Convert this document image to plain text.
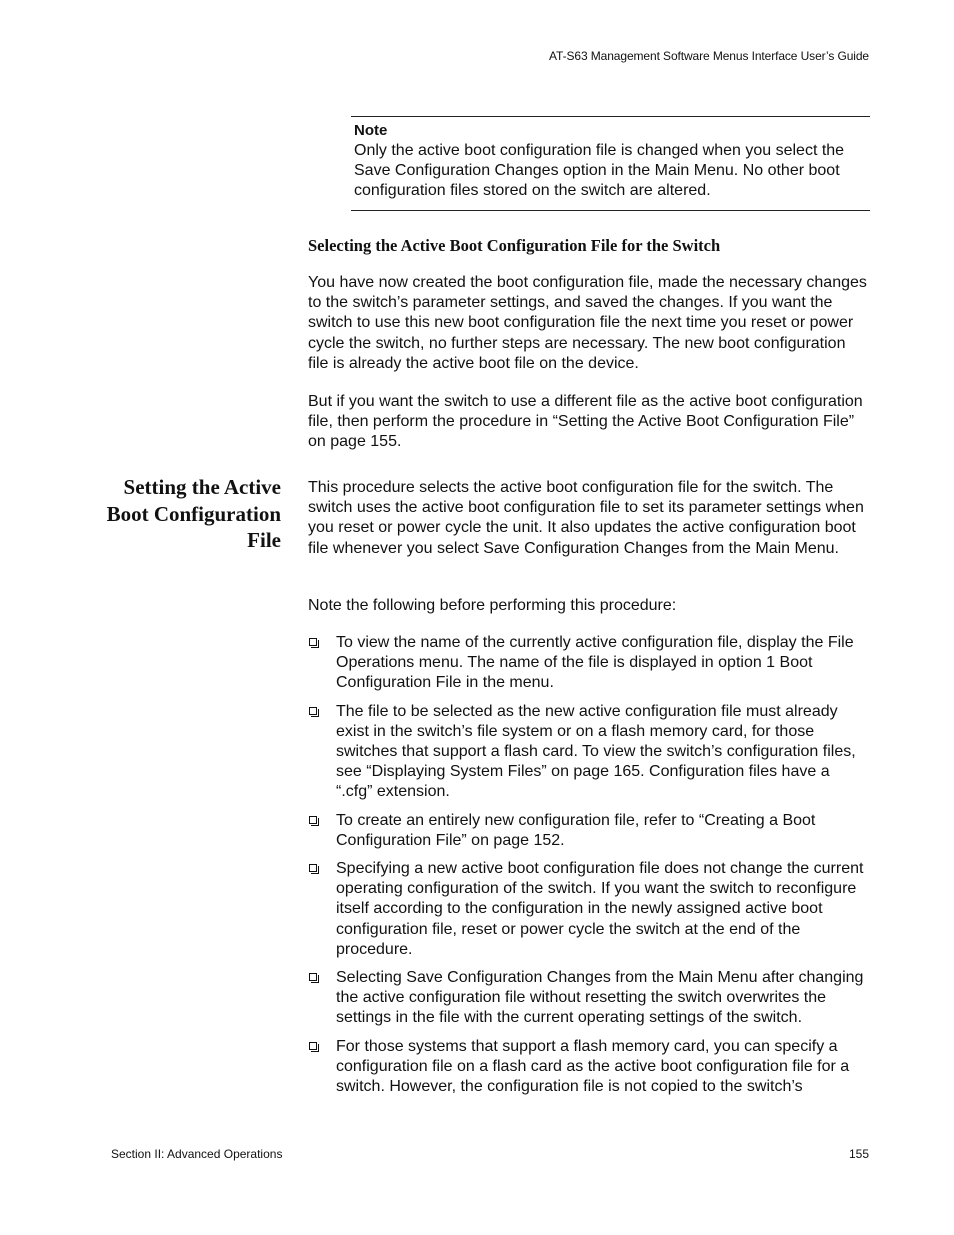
AT-S63 Management Software Menus Interface User’s Guide
Note
Only the active boot configuration file is changed when you select the Save Configuration Changes option in the Main Menu. No other boot configuration files stored on the switch are altered.
Selecting the Active Boot Configuration File for the Switch
You have now created the boot configuration file, made the necessary changes to the switch’s parameter settings, and saved the changes. If you want the switch to use this new boot configuration file the next time you reset or power cycle the switch, no further steps are necessary. The new boot configuration file is already the active boot file on the device.
But if you want the switch to use a different file as the active boot configuration file, then perform the procedure in “Setting the Active Boot Configuration File” on page 155.
Setting the Active Boot Configuration File
This procedure selects the active boot configuration file for the switch. The switch uses the active boot configuration file to set its parameter settings when you reset or power cycle the unit. It also updates the active configuration boot file whenever you select Save Configuration Changes from the Main Menu.
Note the following before performing this procedure:
To view the name of the currently active configuration file, display the File Operations menu. The name of the file is displayed in option 1 Boot Configuration File in the menu.
The file to be selected as the new active configuration file must already exist in the switch’s file system or on a flash memory card, for those switches that support a flash card. To view the switch’s configuration files, see “Displaying System Files” on page 165. Configuration files have a “.cfg” extension.
To create an entirely new configuration file, refer to “Creating a Boot Configuration File” on page 152.
Specifying a new active boot configuration file does not change the current operating configuration of the switch. If you want the switch to reconfigure itself according to the configuration in the newly assigned active boot configuration file, reset or power cycle the switch at the end of the procedure.
Selecting Save Configuration Changes from the Main Menu after changing the active configuration file without resetting the switch overwrites the settings in the file with the current operating settings of the switch.
For those systems that support a flash memory card, you can specify a configuration file on a flash card as the active boot configuration file for a switch. However, the configuration file is not copied to the switch’s
Section II: Advanced Operations	155
